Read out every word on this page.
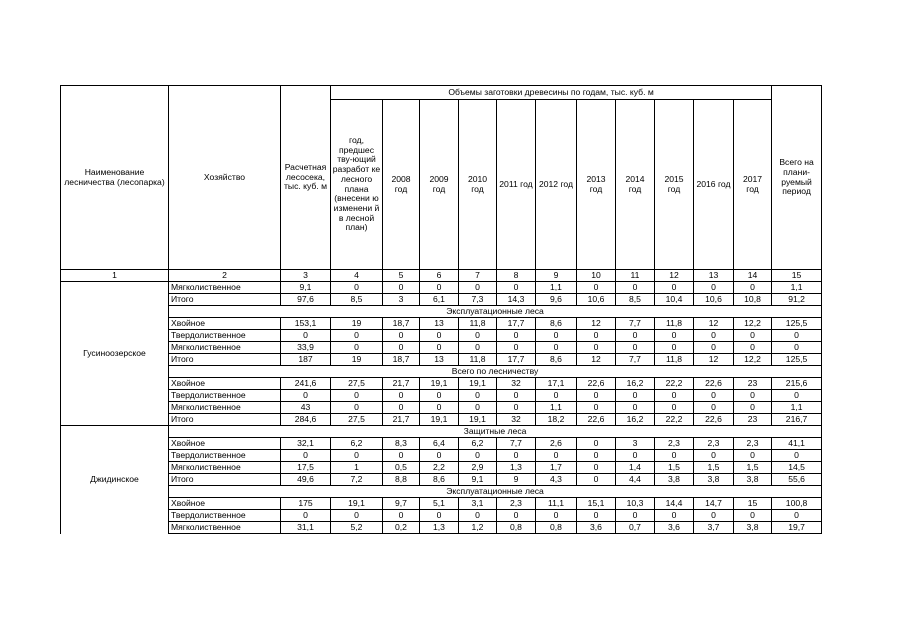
Наименование лесничества (лесопарка)	Хозяйство	Расчетная лесосека, тыс. куб. м	Объемы заготовки древесины по годам, тыс. куб. м											Всего на плани-руемый период
			год, предшес тву-ющий разработ ке лесного плана (внесени ю изменени й в лесной план)	2008 год	2009 год	2010 год	2011 год	2012 год	2013 год	2014 год	2015 год	2016 год	2017 год	
1	2	3	4	5	6	7	8	9	10	11	12	13	14	15
Гусиноозерское	Мягколиственное	9,1	0	0	0	0	0	1,1	0	0	0	0	0	1,1
	Итого	97,6	8,5	3	6,1	7,3	14,3	9,6	10,6	8,5	10,4	10,6	10,8	91,2
	Эксплуатационные леса													
	Хвойное	153,1	19	18,7	13	11,8	17,7	8,6	12	7,7	11,8	12	12,2	125,5
	Твердолиственное	0	0	0	0	0	0	0	0	0	0	0	0	0
	Мягколиственное	33,9	0	0	0	0	0	0	0	0	0	0	0	0
	Итого	187	19	18,7	13	11,8	17,7	8,6	12	7,7	11,8	12	12,2	125,5
	Всего по лесничеству													
	Хвойное	241,6	27,5	21,7	19,1	19,1	32	17,1	22,6	16,2	22,2	22,6	23	215,6
	Твердолиственное	0	0	0	0	0	0	0	0	0	0	0	0	0
	Мягколиственное	43	0	0	0	0	0	1,1	0	0	0	0	0	1,1
	Итого	284,6	27,5	21,7	19,1	19,1	32	18,2	22,6	16,2	22,2	22,6	23	216,7
Джидинское	Защитные леса													
	Хвойное	32,1	6,2	8,3	6,4	6,2	7,7	2,6	0	3	2,3	2,3	2,3	41,1
	Твердолиственное	0	0	0	0	0	0	0	0	0	0	0	0	0
	Мягколиственное	17,5	1	0,5	2,2	2,9	1,3	1,7	0	1,4	1,5	1,5	1,5	14,5
	Итого	49,6	7,2	8,8	8,6	9,1	9	4,3	0	4,4	3,8	3,8	3,8	55,6
	Эксплуатационные леса													
	Хвойное	175	19,1	9,7	5,1	3,1	2,3	11,1	15,1	10,3	14,4	14,7	15	100,8
	Твердолиственное	0	0	0	0	0	0	0	0	0	0	0	0	0
	Мягколиственное	31,1	5,2	0,2	1,3	1,2	0,8	0,8	3,6	0,7	3,6	3,7	3,8	19,7
